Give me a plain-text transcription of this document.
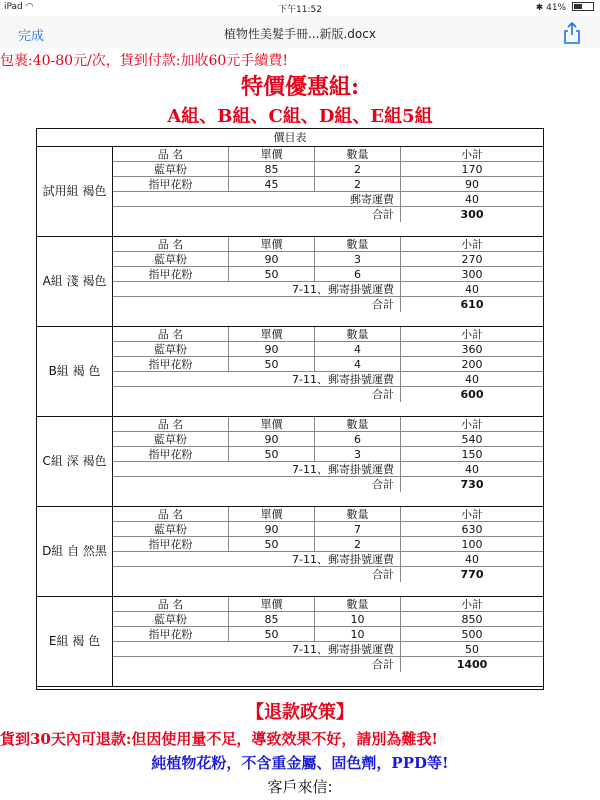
iPad ◠	下午11:52	✱ 41%
完成	植物性美髮手冊...新版.docx
包裹:40-80元/次，貨到付款:加收60元手續費!
特價優惠組:
A組、B組、C組、D組、E組5組
價目表
試用組 褐色
品 名	單價	數量	小計
藍草粉	85	2	170
指甲花粉	45	2	90
郵寄運費	40
合計	300
A組 淺 褐色
品 名	單價	數量	小計
藍草粉	90	3	270
指甲花粉	50	6	300
7-11、郵寄掛號運費	40
合計	610
B組 褐 色
品 名	單價	數量	小計
藍草粉	90	4	360
指甲花粉	50	4	200
7-11、郵寄掛號運費	40
合計	600
C組 深 褐色
品 名	單價	數量	小計
藍草粉	90	6	540
指甲花粉	50	3	150
7-11、郵寄掛號運費	40
合計	730
D組 自 然黑
品 名	單價	數量	小計
藍草粉	90	7	630
指甲花粉	50	2	100
7-11、郵寄掛號運費	40
合計	770
E組 褐 色
品 名	單價	數量	小計
藍草粉	85	10	850
指甲花粉	50	10	500
7-11、郵寄掛號運費	50
合計	1400
【退款政策】
貨到30天內可退款:但因使用量不足，導致效果不好，請別為難我!
純植物花粉，不含重金屬、固色劑，PPD等!
客戶來信:
